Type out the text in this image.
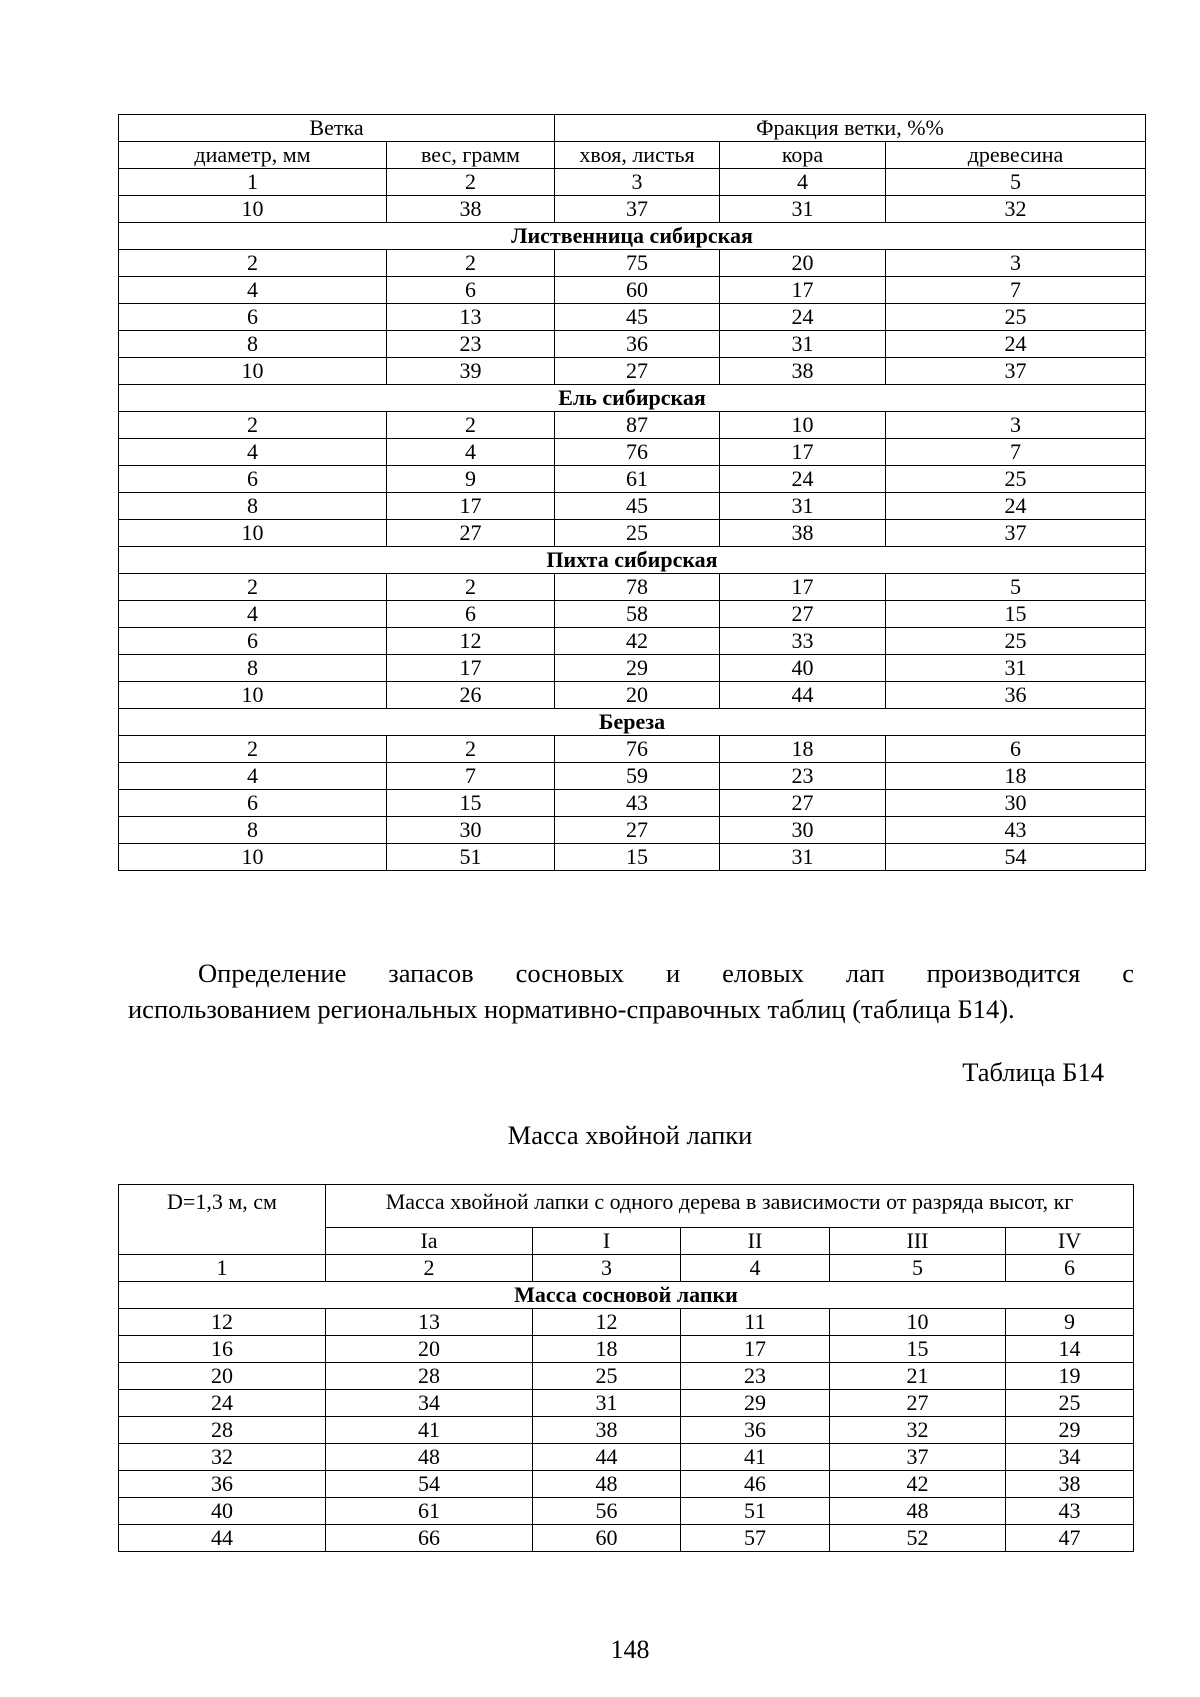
Ветка		Фракция ветки, %%		
диаметр, мм	вес, грамм	хвоя, листья	кора	древесина
1	2	3	4	5
10	38	37	31	32
Лиственница сибирская				
2	2	75	20	3
4	6	60	17	7
6	13	45	24	25
8	23	36	31	24
10	39	27	38	37
Ель сибирская				
2	2	87	10	3
4	4	76	17	7
6	9	61	24	25
8	17	45	31	24
10	27	25	38	37
Пихта сибирская				
2	2	78	17	5
4	6	58	27	15
6	12	42	33	25
8	17	29	40	31
10	26	20	44	36
Береза				
2	2	76	18	6
4	7	59	23	18
6	15	43	27	30
8	30	27	30	43
10	51	15	31	54
Определение запасов сосновых и еловых лап производится с
использованием региональных нормативно-справочных таблиц (таблица Б14).
Таблица Б14
Масса хвойной лапки
D=1,3 м, см	Масса хвойной лапки с одного дерева в зависимости от разряда высот, кг				
	Ia	I	II	III	IV
1	2	3	4	5	6
Масса сосновой лапки					
12	13	12	11	10	9
16	20	18	17	15	14
20	28	25	23	21	19
24	34	31	29	27	25
28	41	38	36	32	29
32	48	44	41	37	34
36	54	48	46	42	38
40	61	56	51	48	43
44	66	60	57	52	47
148
